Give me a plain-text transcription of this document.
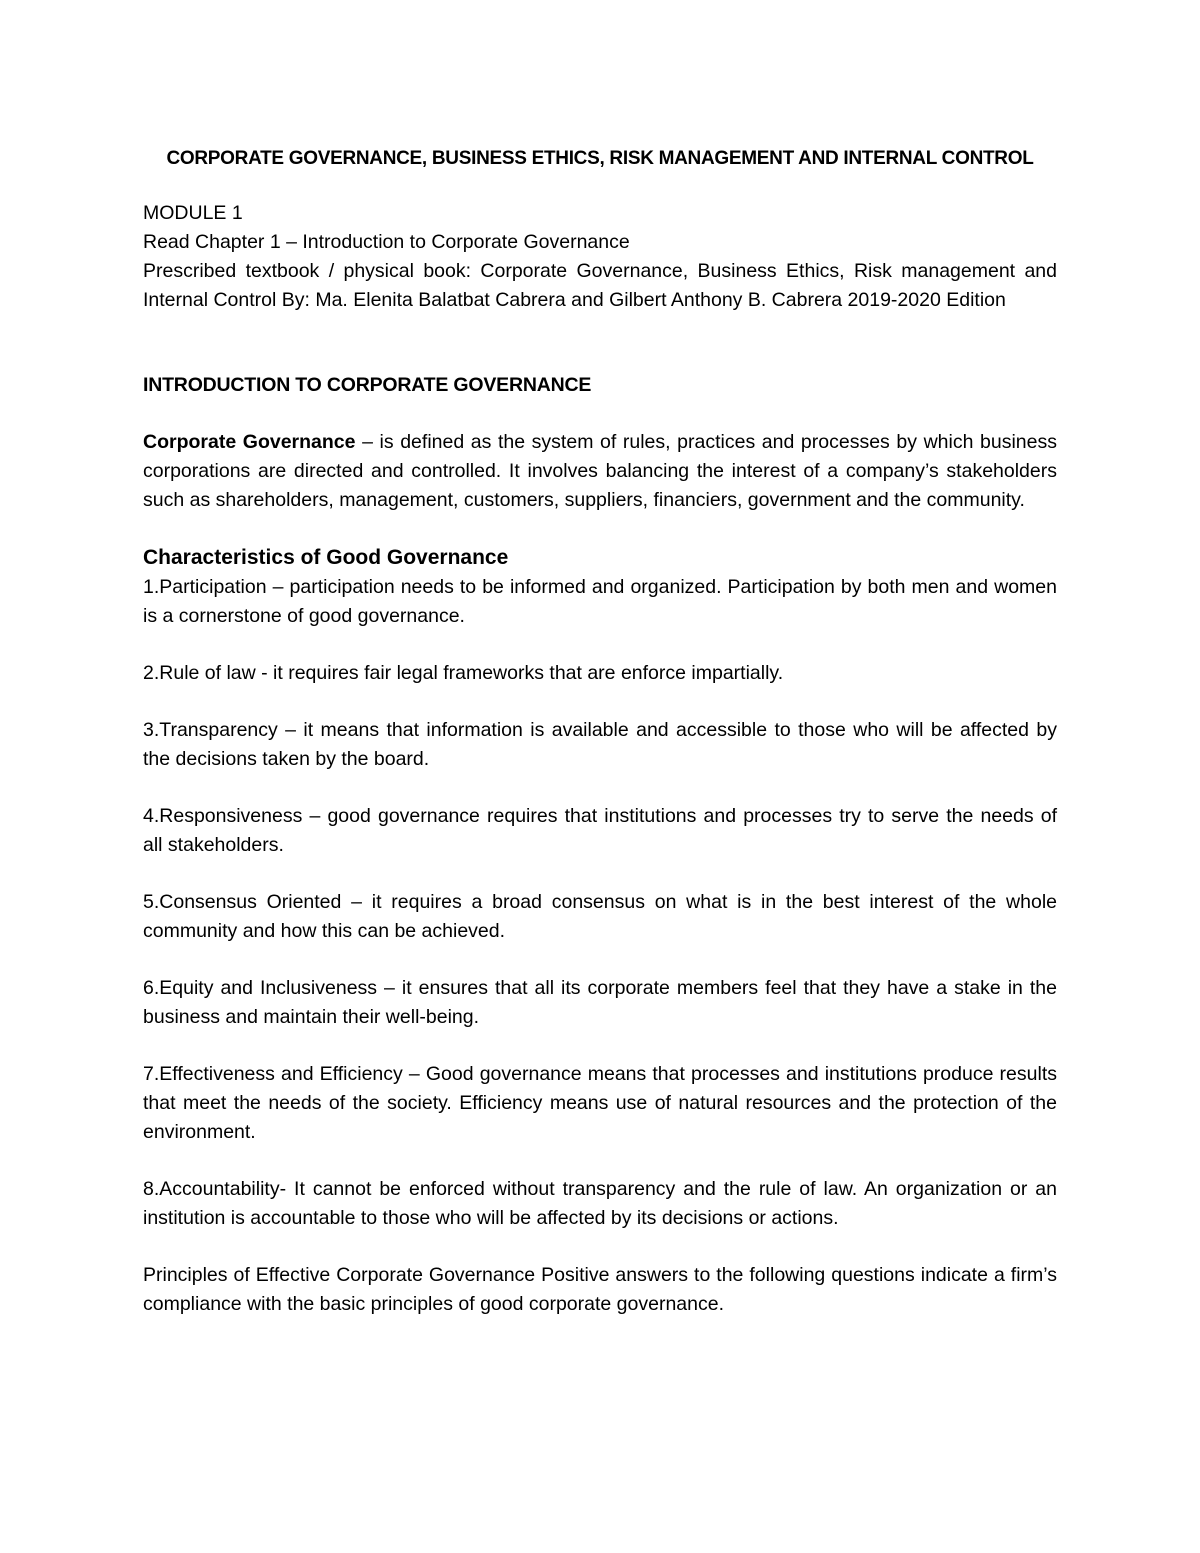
CORPORATE GOVERNANCE, BUSINESS ETHICS, RISK MANAGEMENT AND INTERNAL CONTROL

MODULE 1

Read Chapter 1 – Introduction to Corporate Governance

Prescribed textbook / physical book: Corporate Governance, Business Ethics, Risk management and Internal Control By: Ma. Elenita Balatbat Cabrera and Gilbert Anthony B. Cabrera 2019-2020 Edition

INTRODUCTION TO CORPORATE GOVERNANCE

Corporate Governance – is defined as the system of rules, practices and processes by which business corporations are directed and controlled. It involves balancing the interest of a company’s stakeholders such as shareholders, management, customers, suppliers, financiers, government and the community.

Characteristics of Good Governance

1.Participation – participation needs to be informed and organized. Participation by both men and women is a cornerstone of good governance.

2.Rule of law - it requires fair legal frameworks that are enforce impartially.

3.Transparency – it means that information is available and accessible to those who will be affected by the decisions taken by the board.

4.Responsiveness – good governance requires that institutions and processes try to serve the needs of all stakeholders.

5.Consensus Oriented – it requires a broad consensus on what is in the best interest of the whole community and how this can be achieved.

6.Equity and Inclusiveness – it ensures that all its corporate members feel that they have a stake in the business and maintain their well-being.

7.Effectiveness and Efficiency – Good governance means that processes and institutions produce results that meet the needs of the society. Efficiency means use of natural resources and the protection of the environment.

8.Accountability- It cannot be enforced without transparency and the rule of law. An organization or an institution is accountable to those who will be affected by its decisions or actions.

Principles of Effective Corporate Governance Positive answers to the following questions indicate a firm’s compliance with the basic principles of good corporate governance.
